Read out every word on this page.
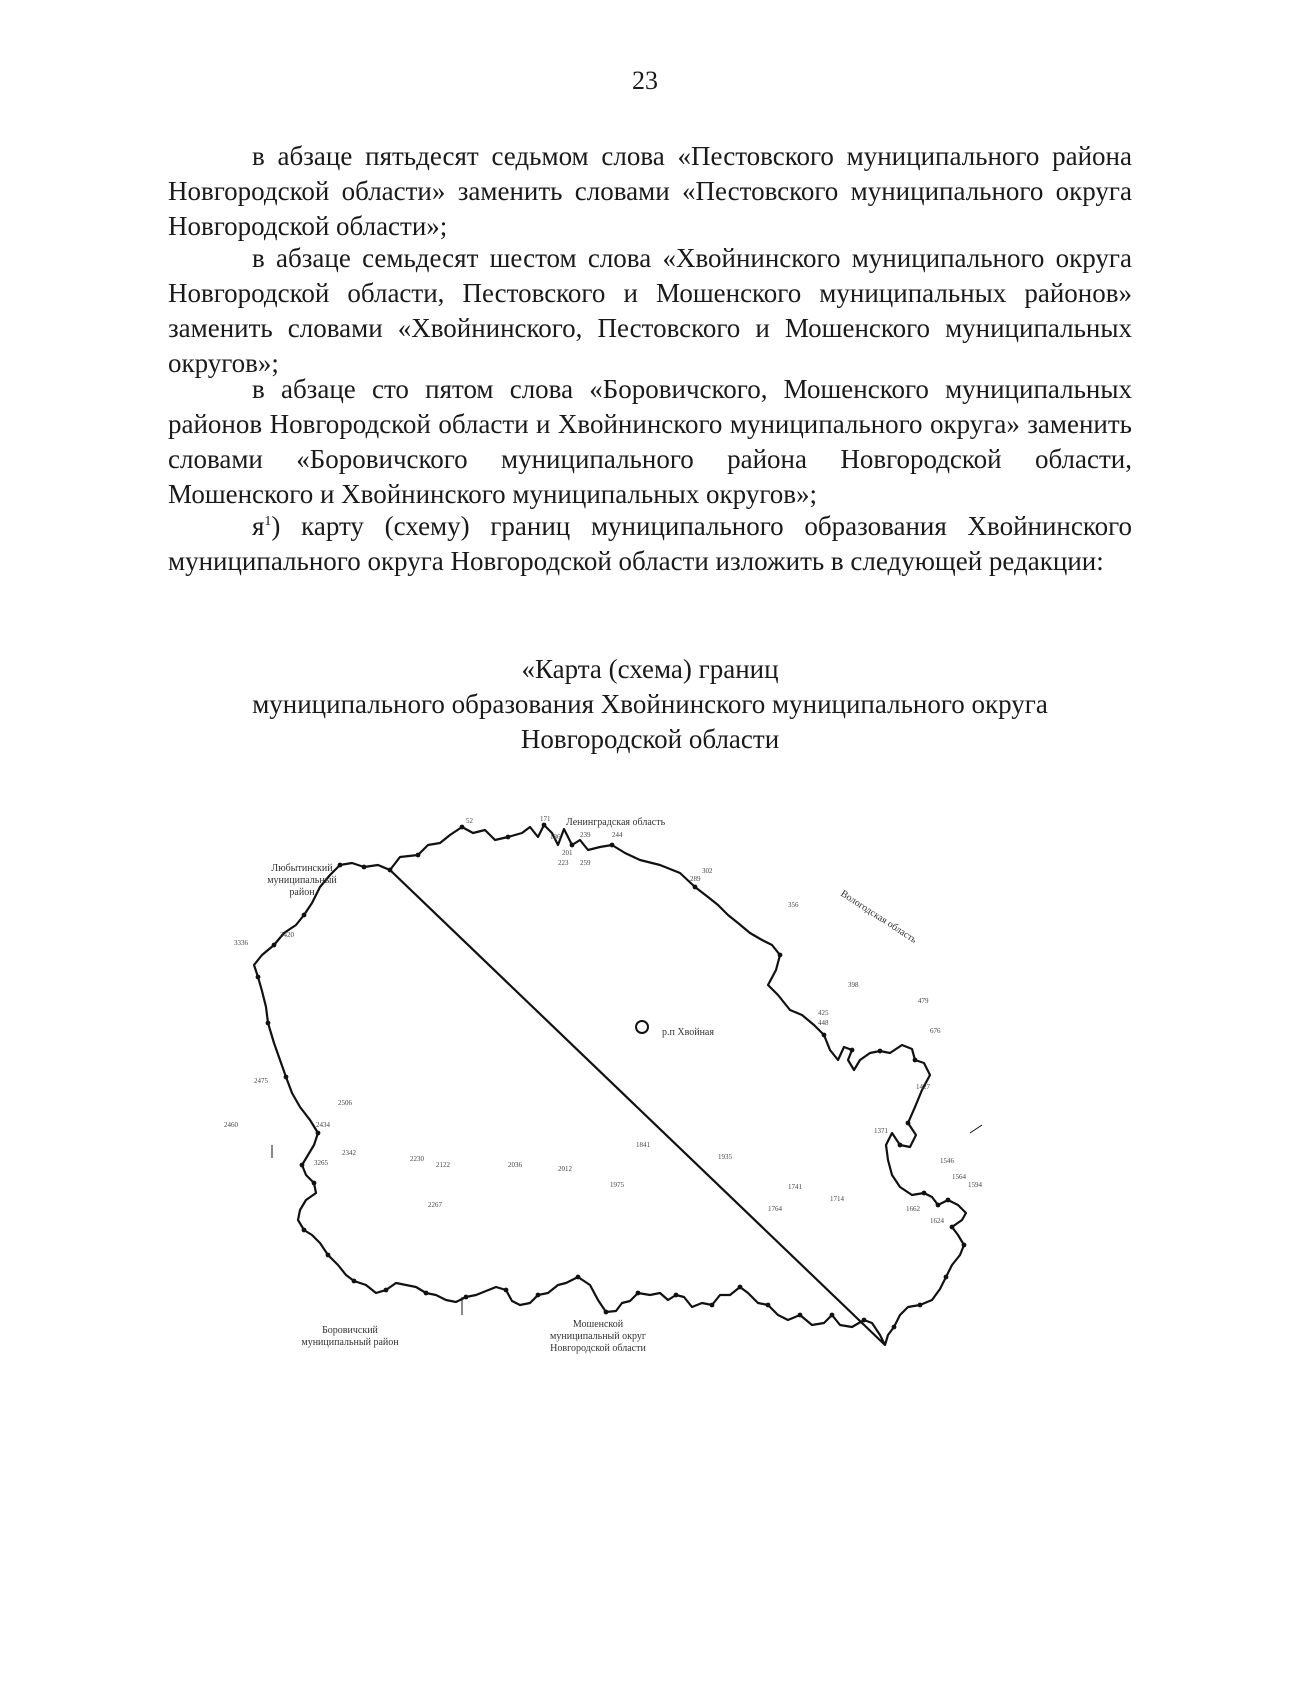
23

в абзаце пятьдесят седьмом слова «Пестовского муниципального района Новгородской области» заменить словами «Пестовского муниципального округа Новгородской области»;

в абзаце семьдесят шестом слова «Хвойнинского муниципального округа Новгородской области, Пестовского и Мошенского муниципальных районов» заменить словами «Хвойнинского, Пестовского и Мошенского муниципальных округов»;

в абзаце сто пятом слова «Боровичского, Мошенского муниципальных районов Новгородской области и Хвойнинского муниципального округа» заменить словами «Боровичского муниципального района Новгородской области, Мошенского и Хвойнинского муниципальных округов»;

$я^1$) карту (схему) границ муниципального образования Хвойнинского муниципального округа Новгородской области изложить в следующей редакции:

«Карта (схема) границ
муниципального образования Хвойнинского муниципального округа
Новгородской области
Ленинградская область
Вологодская область
Любытинский
муниципальный
район
Боровичский
муниципальный район
Мошенской
муниципальный округ
Новгородской области
р.п Хвойная
52	171
186
201
223
239	244
259
289
302
356
398
425
448
479
676
1371
1427
1546
1564
1594
1624
1662
1714
1741
1764
1841
1935
1975
2012
2036
2122
2230
2267
2342
2434
2475
2506
3265
3336
3420
2460
